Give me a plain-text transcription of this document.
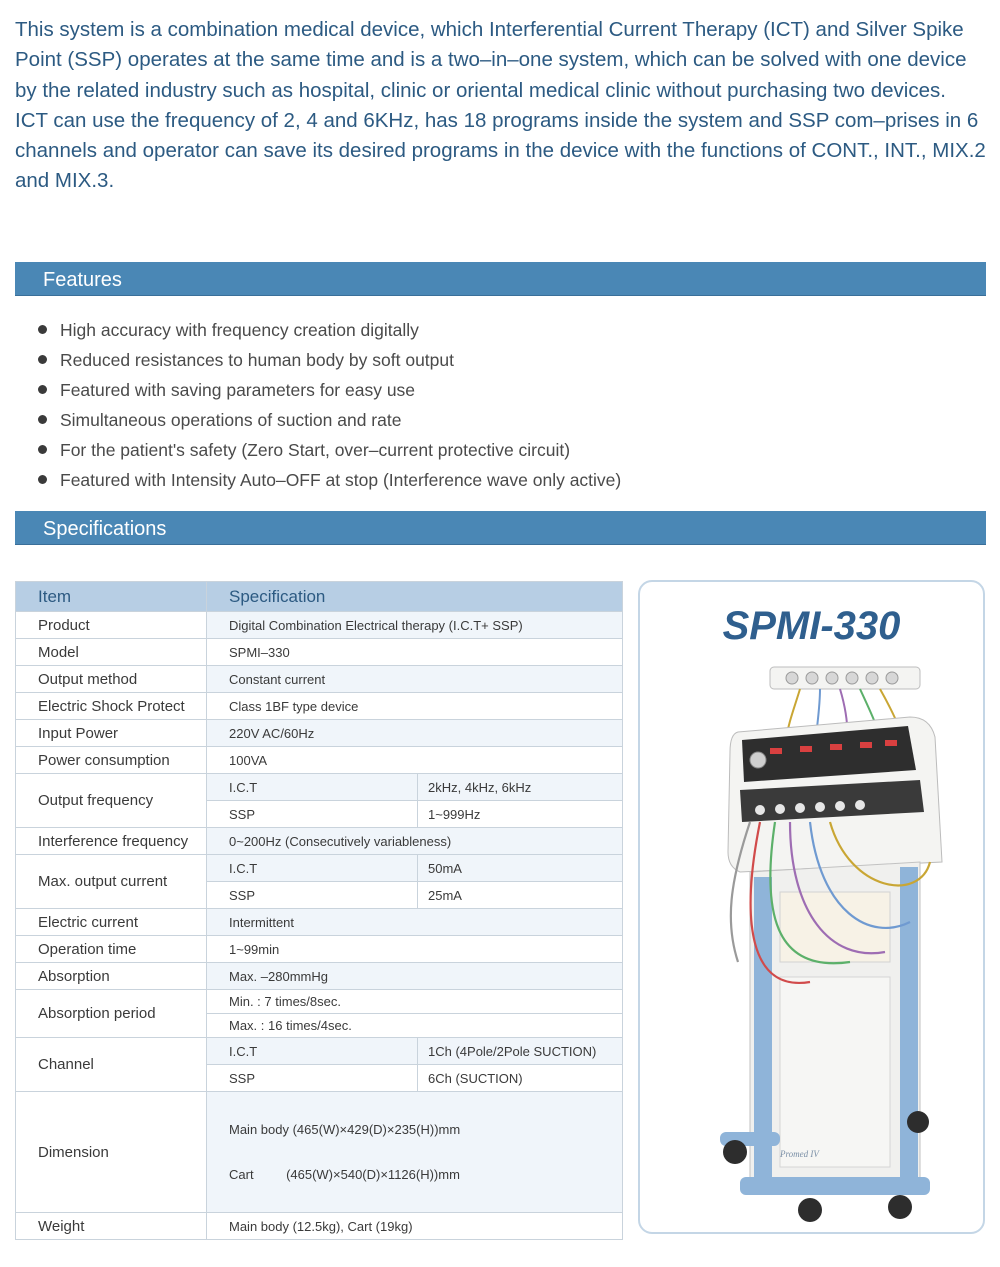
This system is a combination medical device, which Interferential Current Therapy (ICT) and Silver Spike Point (SSP) operates at the same time and is a two–in–one system, which can be solved with one device by the related industry such as hospital, clinic or oriental medical clinic without purchasing two devices.

ICT can use the frequency of 2, 4 and 6KHz, has 18 programs inside the system and SSP com–prises in 6 channels and operator can save its desired programs in the device with the functions of CONT., INT., MIX.2 and MIX.3.

Features
High accuracy with frequency creation digitally
Reduced resistances to human body by soft output
Featured with saving parameters for easy use
Simultaneous operations of suction and rate
For the patient's safety (Zero Start, over–current protective circuit)
Featured with Intensity Auto–OFF at stop (Interference wave only active)
Specifications
Item	Specification	
Product	Digital Combination Electrical therapy (I.C.T+ SSP)	
Model	SPMI–330	
Output method	Constant current	
Electric Shock Protect	Class 1BF type device	
Input Power	220V AC/60Hz	
Power consumption	100VA	
Output frequency	I.C.T	2kHz, 4kHz, 6kHz
	SSP	1~999Hz
Interference frequency	0~200Hz (Consecutively variableness)	
Max. output current	I.C.T	50mA
	SSP	25mA
Electric current	Intermittent	
Operation time	1~99min	
Absorption	Max. –280mmHg	
Absorption period	Min. : 7 times/8sec.	
	Max. : 16 times/4sec.	
Channel	I.C.T	1Ch (4Pole/2Pole SUCTION)
	SSP	6Ch (SUCTION)
Dimension	Main body (465(W)×429(D)×235(H))mm

Cart         (465(W)×540(D)×1126(H))mm	

Weight	Main body (12.5kg), Cart (19kg)	
SPMI-330
Promed IV
